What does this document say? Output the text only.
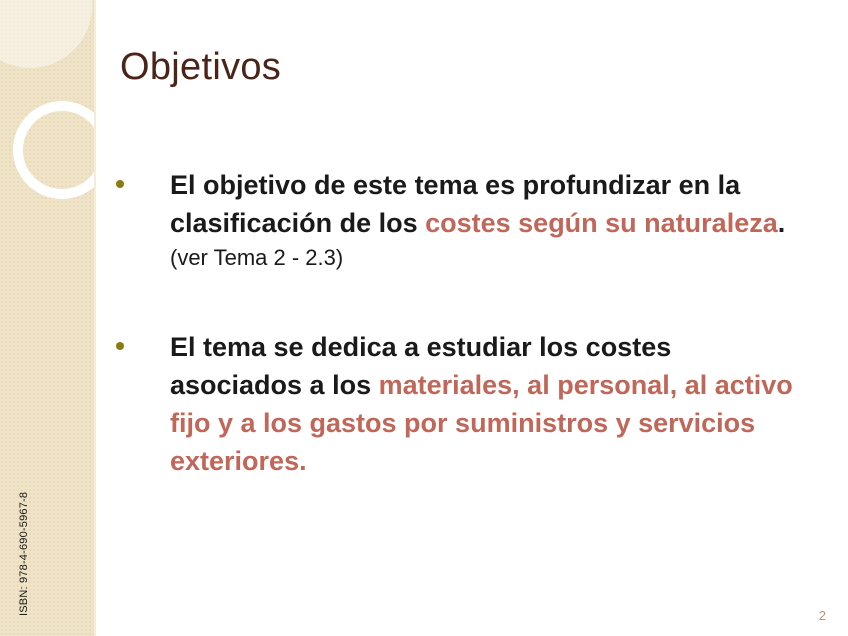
ISBN: 978-4-690-5967-8
Objetivos
El objetivo de este tema es profundizar en la clasificación de los costes según su naturaleza.
(ver Tema 2 - 2.3)
El tema se dedica a estudiar los costes asociados a los materiales, al personal, al activo fijo y a los gastos por suministros y servicios exteriores.
2
